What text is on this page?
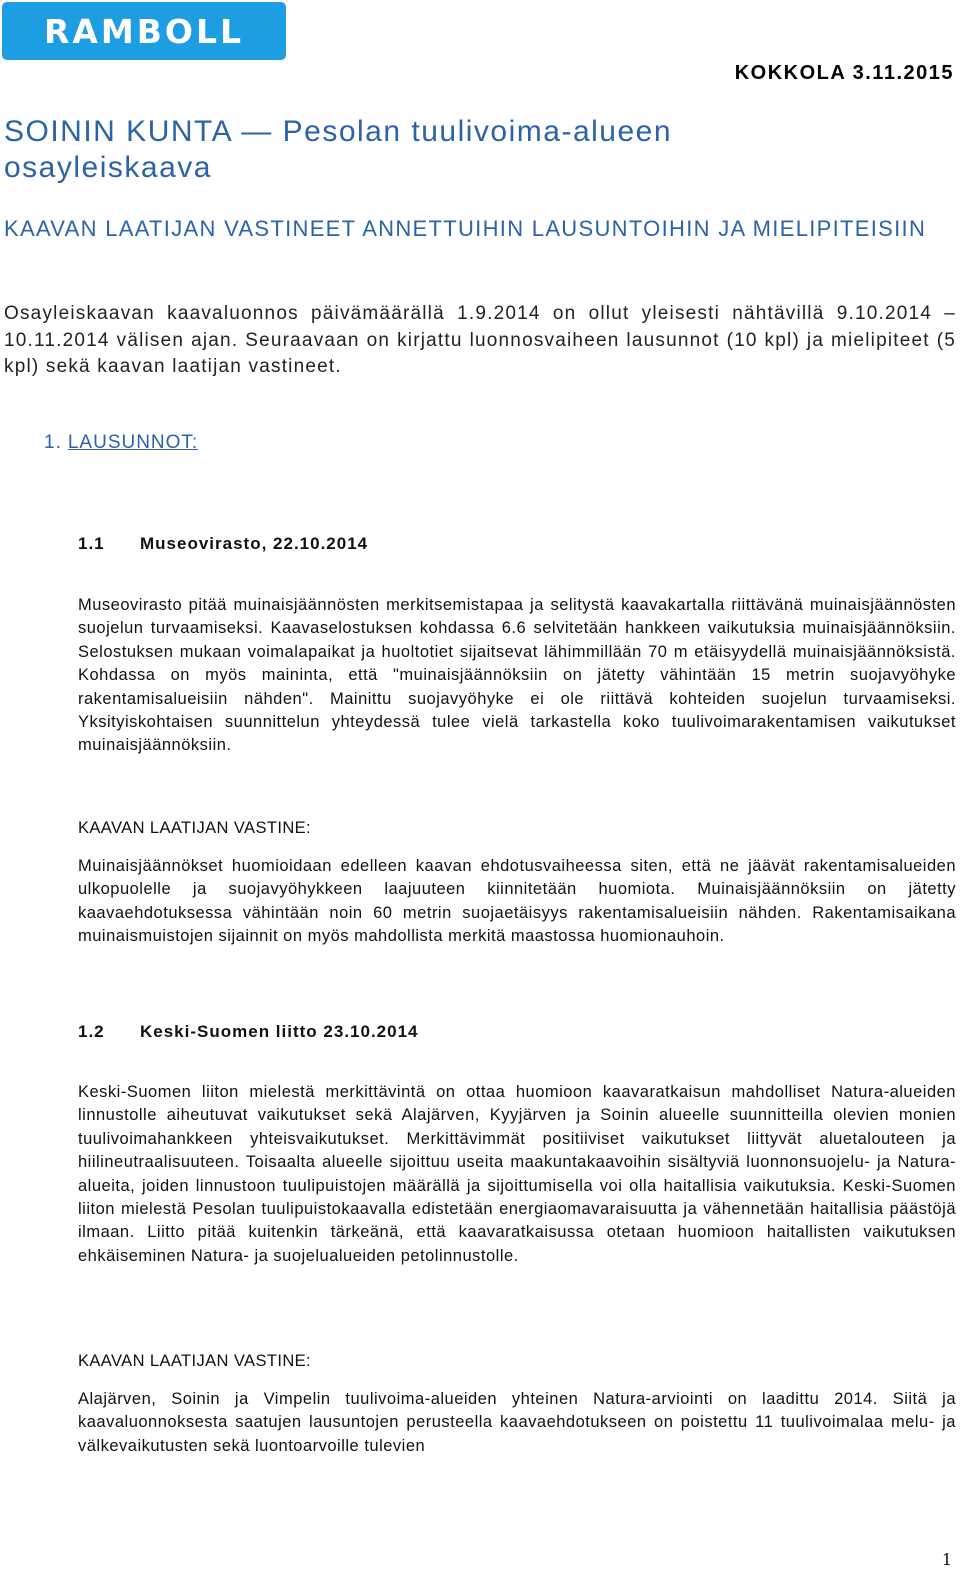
RAMBOLL
KOKKOLA 3.11.2015
SOININ KUNTA — Pesolan tuulivoima-alueen osayleiskaava
KAAVAN LAATIJAN VASTINEET ANNETTUIHIN LAUSUNTOIHIN JA MIELIPITEISIIN

Osayleiskaavan kaavaluonnos päivämäärällä 1.9.2014 on ollut yleisesti nähtävillä 9.10.2014 – 10.11.2014 välisen ajan. Seuraavaan on kirjattu luonnosvaiheen lausunnot (10 kpl) ja mielipiteet (5 kpl) sekä kaavan laatijan vastineet.

1. LAUSUNNOT:
1.1 Museovirasto, 22.10.2014

Museovirasto pitää muinaisjäännösten merkitsemistapaa ja selitystä kaavakartalla riittävänä muinaisjäännösten suojelun turvaamiseksi. Kaavaselostuksen kohdassa 6.6 selvitetään hankkeen vaikutuksia muinaisjäännöksiin. Selostuksen mukaan voimalapaikat ja huoltotiet sijaitsevat lähimmillään 70 m etäisyydellä muinaisjäännöksistä. Kohdassa on myös maininta, että "muinaisjäännöksiin on jätetty vähintään 15 metrin suojavyöhyke rakentamisalueisiin nähden". Mainittu suojavyöhyke ei ole riittävä kohteiden suojelun turvaamiseksi. Yksityiskohtaisen suunnittelun yhteydessä tulee vielä tarkastella koko tuulivoimarakentamisen vaikutukset muinaisjäännöksiin.

KAAVAN LAATIJAN VASTINE:

Muinaisjäännökset huomioidaan edelleen kaavan ehdotusvaiheessa siten, että ne jäävät rakentamisalueiden ulkopuolelle ja suojavyöhykkeen laajuuteen kiinnitetään huomiota. Muinaisjäännöksiin on jätetty kaavaehdotuksessa vähintään noin 60 metrin suojaetäisyys rakentamisalueisiin nähden. Rakentamisaikana muinaismuistojen sijainnit on myös mahdollista merkitä maastossa huomionauhoin.

1.2 Keski-Suomen liitto 23.10.2014

Keski-Suomen liiton mielestä merkittävintä on ottaa huomioon kaavaratkaisun mahdolliset Natura-alueiden linnustolle aiheutuvat vaikutukset sekä Alajärven, Kyyjärven ja Soinin alueelle suunnitteilla olevien monien tuulivoimahankkeen yhteisvaikutukset. Merkittävimmät positiiviset vaikutukset liittyvät aluetalouteen ja hiilineutraalisuuteen. Toisaalta alueelle sijoittuu useita maakuntakaavoihin sisältyviä luonnonsuojelu- ja Natura-alueita, joiden linnustoon tuulipuistojen määrällä ja sijoittumisella voi olla haitallisia vaikutuksia. Keski-Suomen liiton mielestä Pesolan tuulipuistokaavalla edistetään energiaomavaraisuutta ja vähennetään haitallisia päästöjä ilmaan. Liitto pitää kuitenkin tärkeänä, että kaavaratkaisussa otetaan huomioon haitallisten vaikutuksen ehkäiseminen Natura- ja suojelualueiden petolinnustolle.

KAAVAN LAATIJAN VASTINE:

Alajärven, Soinin ja Vimpelin tuulivoima-alueiden yhteinen Natura-arviointi on laadittu 2014. Siitä ja kaavaluonnoksesta saatujen lausuntojen perusteella kaavaehdotukseen on poistettu 11 tuulivoimalaa melu- ja välkevaikutusten sekä luontoarvoille tulevien

1
